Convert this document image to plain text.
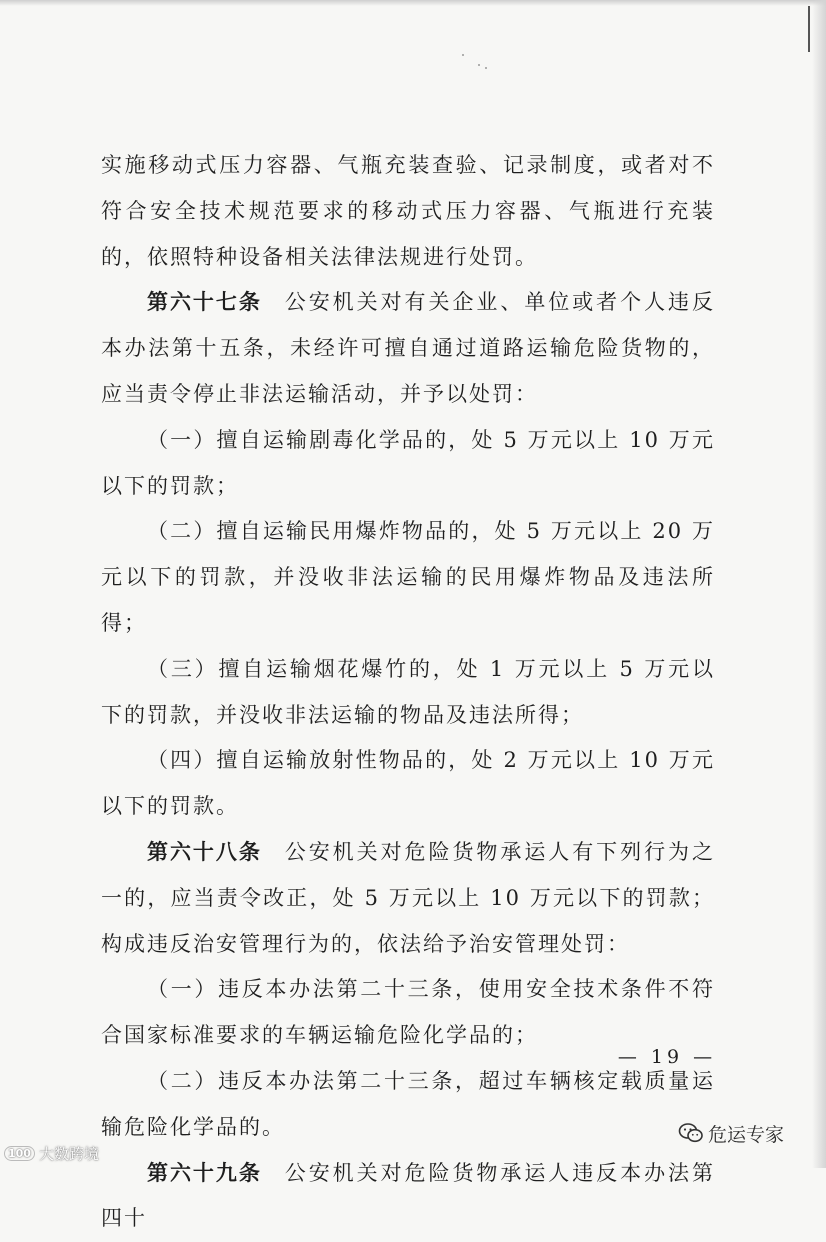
实施移动式压力容器、气瓶充装查验、记录制度，或者对不符合安全技术规范要求的移动式压力容器、气瓶进行充装的，依照特种设备相关法律法规进行处罚。

第六十七条 公安机关对有关企业、单位或者个人违反本办法第十五条，未经许可擅自通过道路运输危险货物的，应当责令停止非法运输活动，并予以处罚：

（一）擅自运输剧毒化学品的，处 5 万元以上 10 万元以下的罚款；

（二）擅自运输民用爆炸物品的，处 5 万元以上 20 万元以下的罚款，并没收非法运输的民用爆炸物品及违法所得；

（三）擅自运输烟花爆竹的，处 1 万元以上 5 万元以下的罚款，并没收非法运输的物品及违法所得；

（四）擅自运输放射性物品的，处 2 万元以上 10 万元以下的罚款。

第六十八条 公安机关对危险货物承运人有下列行为之一的，应当责令改正，处 5 万元以上 10 万元以下的罚款；构成违反治安管理行为的，依法给予治安管理处罚：

（一）违反本办法第二十三条，使用安全技术条件不符合国家标准要求的车辆运输危险化学品的；

（二）违反本办法第二十三条，超过车辆核定载质量运输危险化学品的。

第六十九条 公安机关对危险货物承运人违反本办法第四十

— 19 —
100 大数跨境
危运专家
